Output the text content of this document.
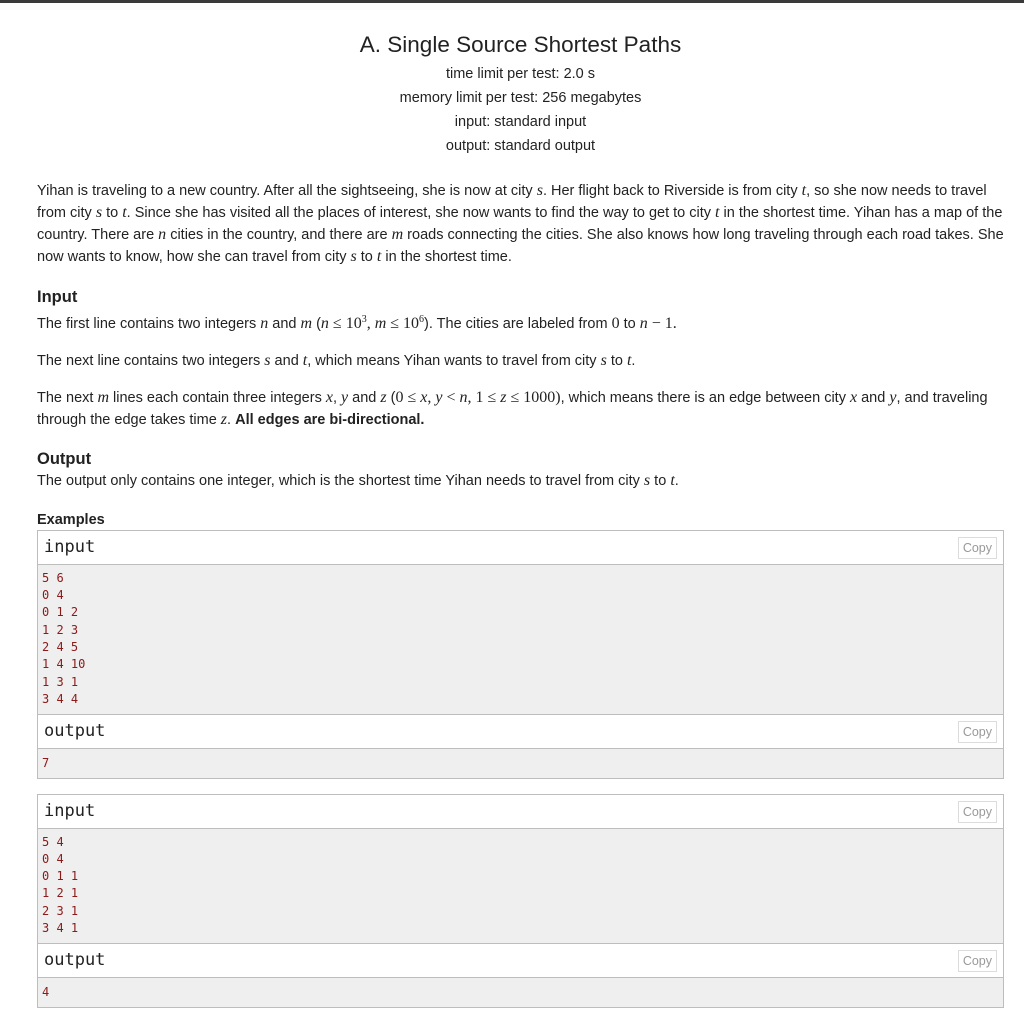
A. Single Source Shortest Paths
time limit per test: 2.0 s
memory limit per test: 256 megabytes
input: standard input
output: standard output

Yihan is traveling to a new country. After all the sightseeing, she is now at city s. Her flight back to Riverside is from city t, so she now needs to travel from city s to t. Since she has visited all the places of interest, she now wants to find the way to get to city t in the shortest time. Yihan has a map of the country. There are n cities in the country, and there are m roads connecting the cities. She also knows how long traveling through each road takes. She now wants to know, how she can travel from city s to t in the shortest time.

Input

The first line contains two integers n and m ($n \le 10^3$, $m \le 10^6$). The cities are labeled from 0 to n − 1.

The next line contains two integers s and t, which means Yihan wants to travel from city s to t.

The next m lines each contain three integers x, y and z (0 ≤ x, y < n, 1 ≤ z ≤ 1000), which means there is an edge between city x and y, and traveling through the edge takes time z. All edges are bi-directional.

Output

The output only contains one integer, which is the shortest time Yihan needs to travel from city s to t.

Examples
input	Copy
5 6
0 4
0 1 2
1 2 3
2 4 5
1 4 10
1 3 1
3 4 4
output	Copy
7
input	Copy
5 4
0 4
0 1 1
1 2 1
2 3 1
3 4 1
output	Copy
4
